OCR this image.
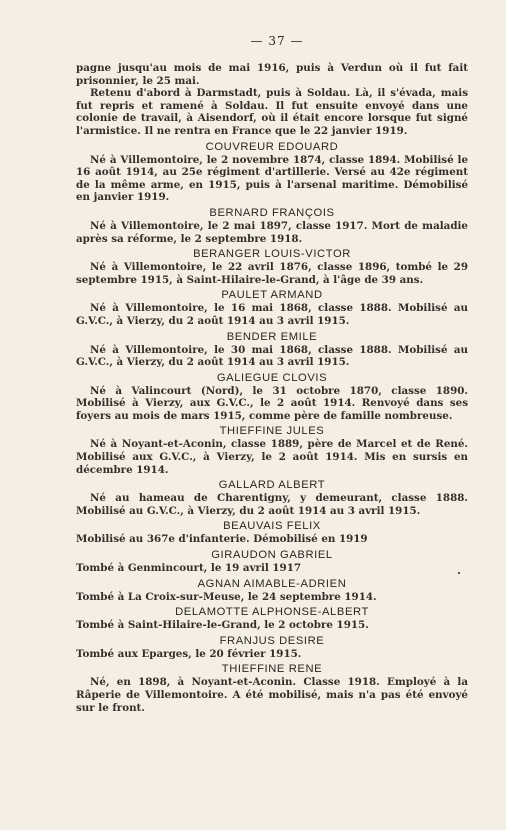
— 37 —

pagne jusqu'au mois de mai 1916, puis à Verdun où il fut fait prisonnier, le 25 mai.

Retenu d'abord à Darmstadt, puis à Soldau. Là, il s'évada, mais fut repris et ramené à Soldau. Il fut ensuite envoyé dans une colonie de travail, à Aisendorf, où il était encore lorsque fut signé l'armistice. Il ne rentra en France que le 22 janvier 1919.

COUVREUR EDOUARD

Né à Villemontoire, le 2 novembre 1874, classe 1894. Mobilisé le 16 août 1914, au 25e régiment d'artillerie. Versé au 42e régiment de la même arme, en 1915, puis à l'arsenal maritime. Démobilisé en janvier 1919.

BERNARD FRANÇOIS

Né à Villemontoire, le 2 mai 1897, classe 1917. Mort de maladie après sa réforme, le 2 septembre 1918.

BERANGER LOUIS-VICTOR

Né à Villemontoire, le 22 avril 1876, classe 1896, tombé le 29 septembre 1915, à Saint-Hilaire-le-Grand, à l'âge de 39 ans.

PAULET ARMAND

Né à Villemontoire, le 16 mai 1868, classe 1888. Mobilisé au G.V.C., à Vierzy, du 2 août 1914 au 3 avril 1915.

BENDER EMILE

Né à Villemontoire, le 30 mai 1868, classe 1888. Mobilisé au G.V.C., à Vierzy, du 2 août 1914 au 3 avril 1915.

GALIEGUE CLOVIS

Né à Valincourt (Nord), le 31 octobre 1870, classe 1890. Mobilisé à Vierzy, aux G.V.C., le 2 août 1914. Renvoyé dans ses foyers au mois de mars 1915, comme père de famille nombreuse.

THIEFFINE JULES

Né à Noyant-et-Aconin, classe 1889, père de Marcel et de René. Mobilisé aux G.V.C., à Vierzy, le 2 août 1914. Mis en sursis en décembre 1914.

GALLARD ALBERT

Né au hameau de Charentigny, y demeurant, classe 1888. Mobilisé au G.V.C., à Vierzy, du 2 août 1914 au 3 avril 1915.

BEAUVAIS FELIX

Mobilisé au 367e d'infanterie. Démobilisé en 1919

GIRAUDON GABRIEL

Tombé à Genmincourt, le 19 avril 1917

AGNAN AIMABLE-ADRIEN

Tombé à La Croix-sur-Meuse, le 24 septembre 1914.

DELAMOTTE ALPHONSE-ALBERT

Tombé à Saint-Hilaire-le-Grand, le 2 octobre 1915.

FRANJUS DESIRE

Tombé aux Eparges, le 20 février 1915.

THIEFFINE RENE

Né, en 1898, à Noyant-et-Aconin. Classe 1918. Employé à la Râperie de Villemontoire. A été mobilisé, mais n'a pas été envoyé sur le front.
